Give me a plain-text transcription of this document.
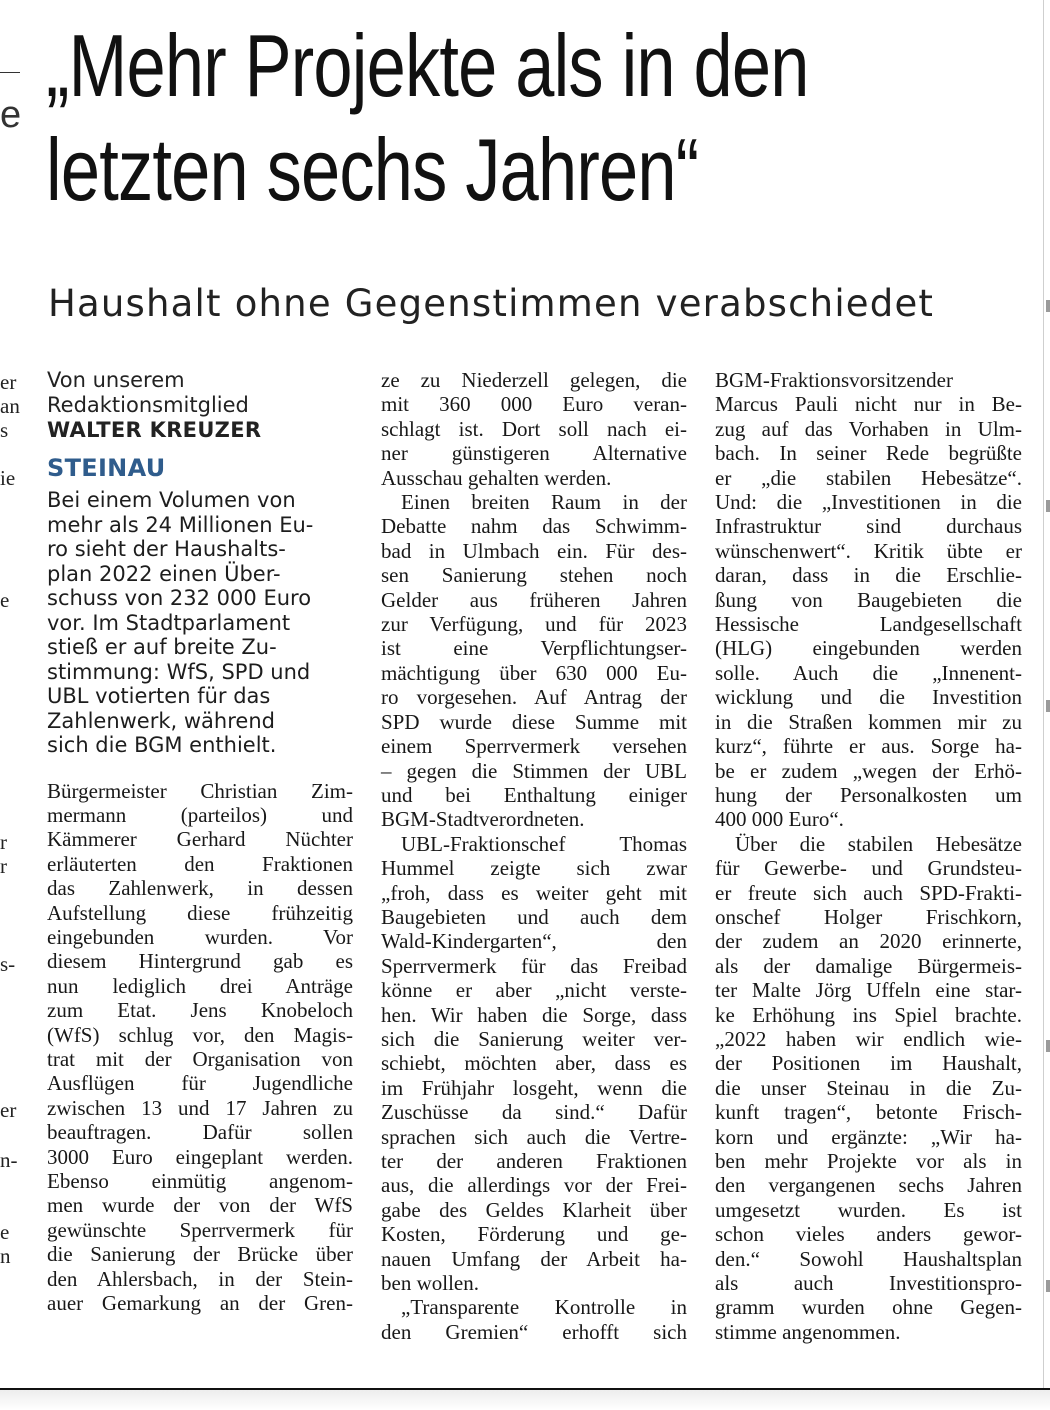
e
er
an
s
ie
e
r
r
s-
er
n-
e
n
„Mehr Projekte als in den
letzten sechs Jahren“
Haushalt ohne Gegenstimmen verabschiedet
Von unserem
Redaktionsmitglied
WALTER KREUZER
STEINAU
Bei einem Volumen von
mehr als 24 Millionen Eu-
ro sieht der Haushalts-
plan 2022 einen Über-
schuss von 232 000 Euro
vor. Im Stadtparlament
stieß er auf breite Zu-
stimmung: WfS, SPD und
UBL votierten für das
Zahlenwerk, während
sich die BGM enthielt.
Bürgermeister Christian Zim-
mermann (parteilos) und
Kämmerer Gerhard Nüchter
erläuterten den Fraktionen
das Zahlenwerk, in dessen
Aufstellung diese frühzeitig
eingebunden wurden. Vor
diesem Hintergrund gab es
nun lediglich drei Anträge
zum Etat. Jens Knobeloch
(WfS) schlug vor, den Magis-
trat mit der Organisation von
Ausflügen für Jugendliche
zwischen 13 und 17 Jahren zu
beauftragen. Dafür sollen
3000 Euro eingeplant werden.
Ebenso einmütig angenom-
men wurde der von der WfS
gewünschte Sperrvermerk für
die Sanierung der Brücke über
den Ahlersbach, in der Stein-
auer Gemarkung an der Gren-
ze zu Niederzell gelegen, die
mit 360 000 Euro veran-
schlagt ist. Dort soll nach ei-
ner günstigeren Alternative
Ausschau gehalten werden.
Einen breiten Raum in der
Debatte nahm das Schwimm-
bad in Ulmbach ein. Für des-
sen Sanierung stehen noch
Gelder aus früheren Jahren
zur Verfügung, und für 2023
ist eine Verpflichtungser-
mächtigung über 630 000 Eu-
ro vorgesehen. Auf Antrag der
SPD wurde diese Summe mit
einem Sperrvermerk versehen
– gegen die Stimmen der UBL
und bei Enthaltung einiger
BGM-Stadtverordneten.
UBL-Fraktionschef Thomas
Hummel zeigte sich zwar
„froh, dass es weiter geht mit
Baugebieten und auch dem
Wald-Kindergarten“, den
Sperrvermerk für das Freibad
könne er aber „nicht verste-
hen. Wir haben die Sorge, dass
sich die Sanierung weiter ver-
schiebt, möchten aber, dass es
im Frühjahr losgeht, wenn die
Zuschüsse da sind.“ Dafür
sprachen sich auch die Vertre-
ter der anderen Fraktionen
aus, die allerdings vor der Frei-
gabe des Geldes Klarheit über
Kosten, Förderung und ge-
nauen Umfang der Arbeit ha-
ben wollen.
„Transparente Kontrolle in
den Gremien“ erhofft sich
BGM-Fraktionsvorsitzender
Marcus Pauli nicht nur in Be-
zug auf das Vorhaben in Ulm-
bach. In seiner Rede begrüßte
er „die stabilen Hebesätze“.
Und: die „Investitionen in die
Infrastruktur sind durchaus
wünschenwert“. Kritik übte er
daran, dass in die Erschlie-
ßung von Baugebieten die
Hessische Landgesellschaft
(HLG) eingebunden werden
solle. Auch die „Innenent-
wicklung und die Investition
in die Straßen kommen mir zu
kurz“, führte er aus. Sorge ha-
be er zudem „wegen der Erhö-
hung der Personalkosten um
400 000 Euro“.
Über die stabilen Hebesätze
für Gewerbe- und Grundsteu-
er freute sich auch SPD-Frakti-
onschef Holger Frischkorn,
der zudem an 2020 erinnerte,
als der damalige Bürgermeis-
ter Malte Jörg Uffeln eine star-
ke Erhöhung ins Spiel brachte.
„2022 haben wir endlich wie-
der Positionen im Haushalt,
die unser Steinau in die Zu-
kunft tragen“, betonte Frisch-
korn und ergänzte: „Wir ha-
ben mehr Projekte vor als in
den vergangenen sechs Jahren
umgesetzt wurden. Es ist
schon vieles anders gewor-
den.“ Sowohl Haushaltsplan
als auch Investitionspro-
gramm wurden ohne Gegen-
stimme angenommen.
